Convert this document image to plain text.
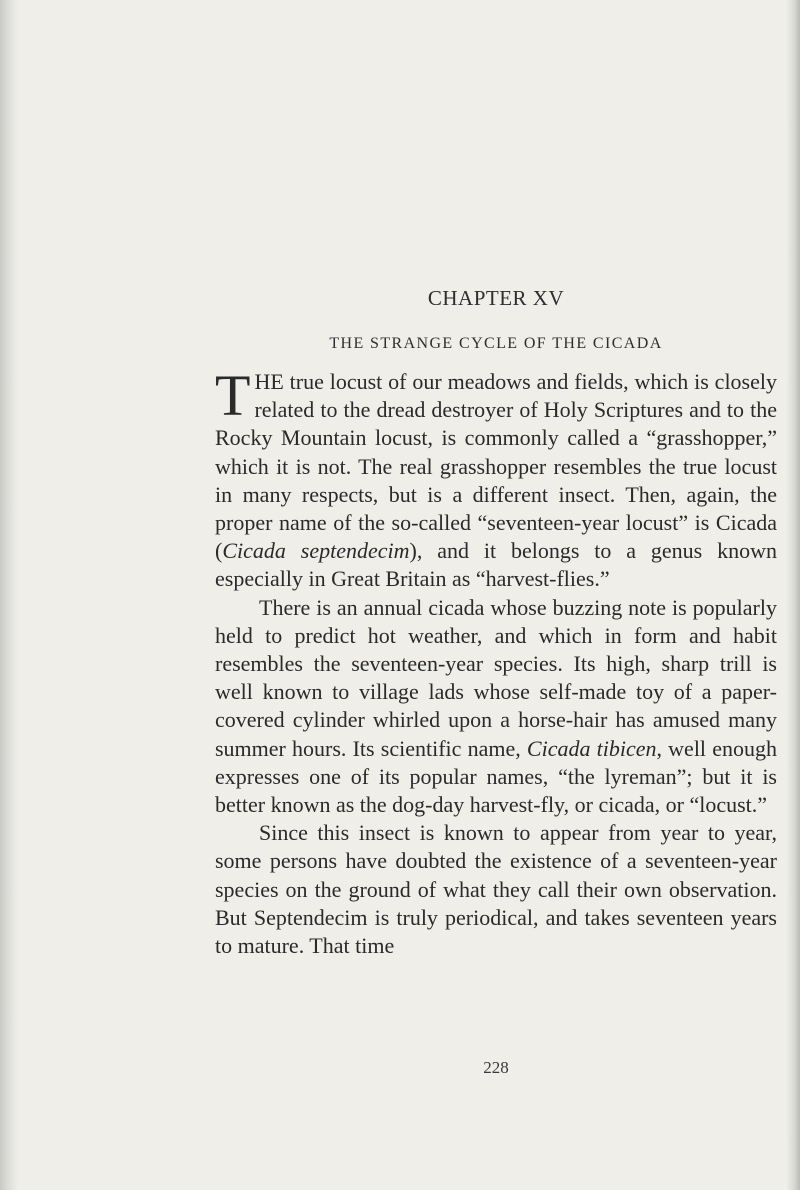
CHAPTER XV
THE STRANGE CYCLE OF THE CICADA

THE true locust of our meadows and fields, which is closely related to the dread destroyer of Holy Scriptures and to the Rocky Mountain locust, is commonly called a “grasshopper,” which it is not. The real grasshopper resembles the true locust in many respects, but is a different insect. Then, again, the proper name of the so-called “seventeen-year locust” is Cicada (Cicada septendecim), and it belongs to a genus known especially in Great Britain as “harvest-flies.”

There is an annual cicada whose buzzing note is popularly held to predict hot weather, and which in form and habit resembles the seventeen-year species. Its high, sharp trill is well known to village lads whose self-made toy of a paper-covered cylinder whirled upon a horse-hair has amused many summer hours. Its scientific name, Cicada tibicen, well enough expresses one of its popular names, “the lyreman”; but it is better known as the dog-day harvest-fly, or cicada, or “locust.”

Since this insect is known to appear from year to year, some persons have doubted the existence of a seventeen-year species on the ground of what they call their own observation. But Septendecim is truly periodical, and takes seventeen years to mature. That time

228
